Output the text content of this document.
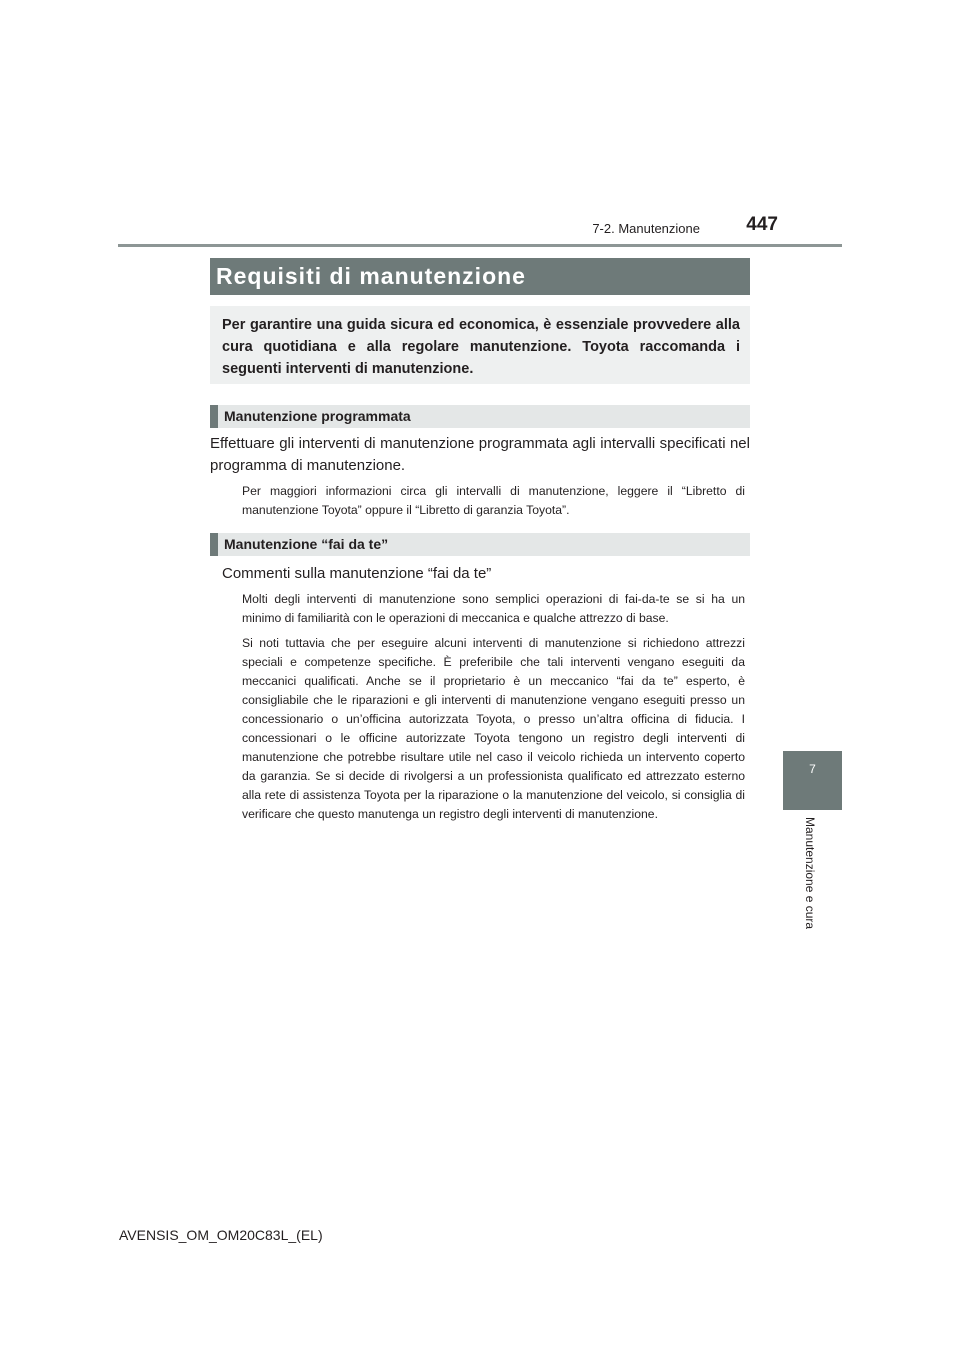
7-2. Manutenzione	447
7
Manutenzione e cura
Requisiti di manutenzione
Per garantire una guida sicura ed economica, è essenziale provvedere alla cura quotidiana e alla regolare manutenzione. Toyota raccomanda i seguenti interventi di manutenzione.
Manutenzione programmata
Effettuare gli interventi di manutenzione programmata agli intervalli specificati nel programma di manutenzione.
Per maggiori informazioni circa gli intervalli di manutenzione, leggere il “Libretto di manutenzione Toyota” oppure il “Libretto di garanzia Toyota”.
Manutenzione “fai da te”
Commenti sulla manutenzione “fai da te”
Molti degli interventi di manutenzione sono semplici operazioni di fai-da-te se si ha un minimo di familiarità con le operazioni di meccanica e qualche attrezzo di base.
Si noti tuttavia che per eseguire alcuni interventi di manutenzione si richiedono attrezzi speciali e competenze specifiche. È preferibile che tali interventi vengano eseguiti da meccanici qualificati. Anche se il proprietario è un meccanico “fai da te” esperto, è consigliabile che le riparazioni e gli interventi di manutenzione vengano eseguiti presso un concessionario o un’officina autorizzata Toyota, o presso un’altra officina di fiducia. I concessionari o le officine autorizzate Toyota tengono un registro degli interventi di manutenzione che potrebbe risultare utile nel caso il veicolo richieda un intervento coperto da garanzia. Se si decide di rivolgersi a un professionista qualificato ed attrezzato esterno alla rete di assistenza Toyota per la riparazione o la manutenzione del veicolo, si consiglia di verificare che questo manutenga un registro degli interventi di manutenzione.
AVENSIS_OM_OM20C83L_(EL)
